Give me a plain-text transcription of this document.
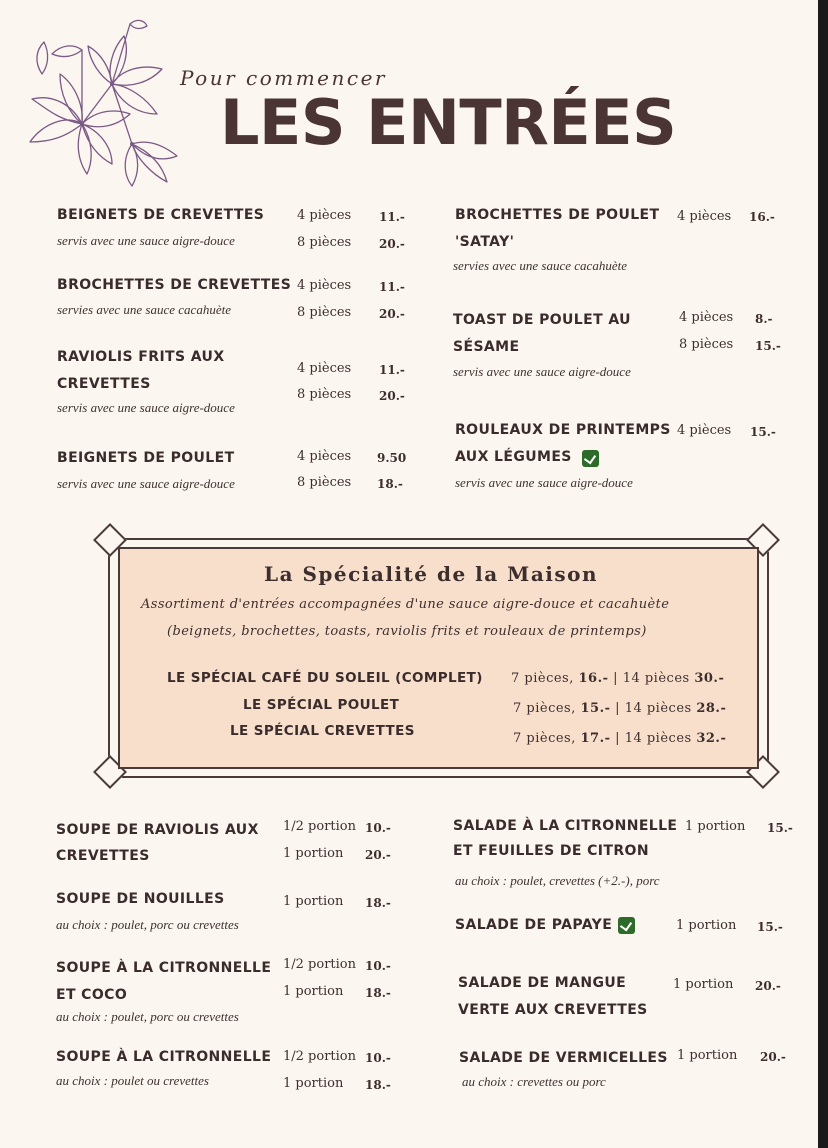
Pour commencer
LES ENTRÉES
BEIGNETS DE CREVETTES
servis avec une sauce aigre-douce
4 pièces 11.-
8 pièces 20.-
BROCHETTES DE CREVETTES
servies avec une sauce cacahuète
4 pièces 11.-
8 pièces 20.-
RAVIOLIS FRITS AUX
CREVETTES
servis avec une sauce aigre-douce
4 pièces 11.-
8 pièces 20.-
BEIGNETS DE POULET
servis avec une sauce aigre-douce
4 pièces 9.50
8 pièces 18.-
BROCHETTES DE POULET
'SATAY'
servies avec une sauce cacahuète
4 pièces 16.-
TOAST DE POULET AU
SÉSAME
servis avec une sauce aigre-douce
4 pièces 8.-
8 pièces 15.-
ROULEAUX DE PRINTEMPS
AUX LÉGUMES
servis avec une sauce aigre-douce
4 pièces 15.-
La Spécialité de la Maison
Assortiment d'entrées accompagnées d'une sauce aigre-douce et cacahuète
(beignets, brochettes, toasts, raviolis frits et rouleaux de printemps)
LE SPÉCIAL CAFÉ DU SOLEIL (COMPLET)
LE SPÉCIAL POULET
LE SPÉCIAL CREVETTES
7 pièces, 16.- | 14 pièces 30.-
7 pièces, 15.- | 14 pièces 28.-
7 pièces, 17.- | 14 pièces 32.-
SOUPE DE RAVIOLIS AUX
CREVETTES
1/2 portion 10.-
1 portion 20.-
SOUPE DE NOUILLES
au choix : poulet, porc ou crevettes
1 portion 18.-
SOUPE À LA CITRONNELLE
ET COCO
au choix : poulet, porc ou crevettes
1/2 portion 10.-
1 portion 18.-
SOUPE À LA CITRONNELLE
au choix : poulet ou crevettes
1/2 portion 10.-
1 portion 18.-
SALADE À LA CITRONNELLE
ET FEUILLES DE CITRON
au choix : poulet, crevettes (+2.-), porc
1 portion 15.-
SALADE DE PAPAYE	1 portion 15.-
SALADE DE MANGUE
VERTE AUX CREVETTES
1 portion 20.-
SALADE DE VERMICELLES
au choix : crevettes ou porc
1 portion 20.-
